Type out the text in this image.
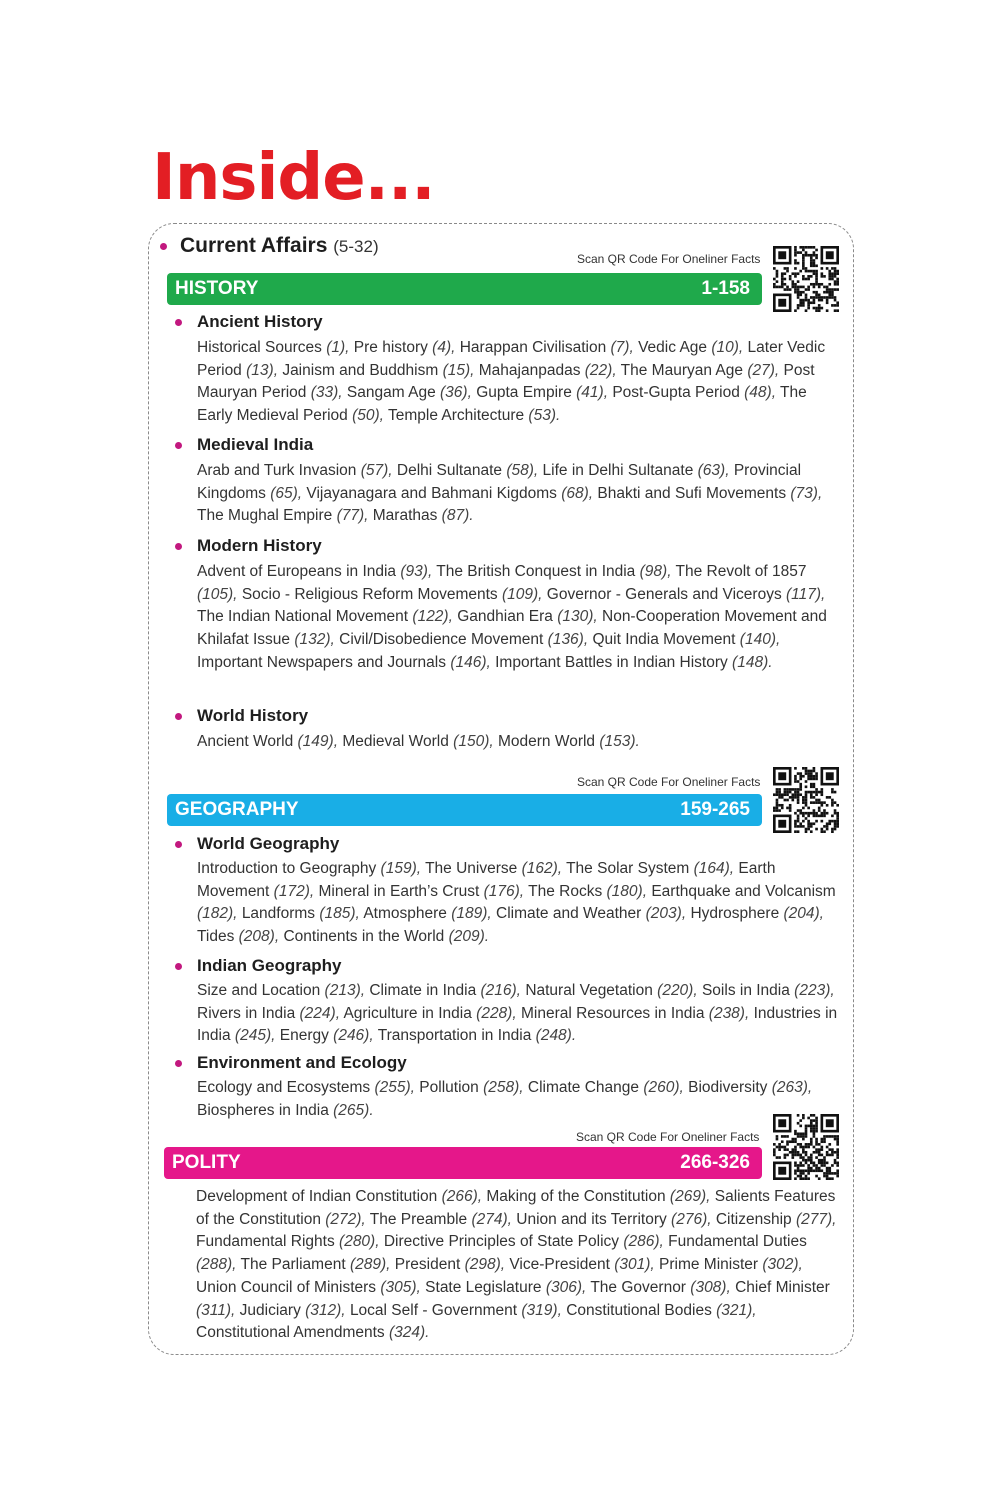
Inside...
Current Affairs (5-32)
Scan QR Code For Oneliner Facts
HISTORY	1-158
Ancient History
Historical Sources (1), Pre history (4), Harappan Civilisation (7), Vedic Age (10), Later Vedic Period (13), Jainism and Buddhism (15), Mahajanpadas (22), The Mauryan Age (27), Post Mauryan Period (33), Sangam Age (36), Gupta Empire (41), Post-Gupta Period (48), The Early Medieval Period (50), Temple Architecture (53).
Medieval India
Arab and Turk Invasion (57), Delhi Sultanate (58), Life in Delhi Sultanate (63), Provincial Kingdoms (65), Vijayanagara and Bahmani Kigdoms (68), Bhakti and Sufi Movements (73), The Mughal Empire (77), Marathas (87).
Modern History
Advent of Europeans in India (93), The British Conquest in India (98), The Revolt of 1857 (105), Socio - Religious Reform Movements (109), Governor - Generals and Viceroys (117), The Indian National Movement (122), Gandhian Era (130), Non-Cooperation Movement and Khilafat Issue (132), Civil/Disobedience Movement (136), Quit India Movement (140), Important Newspapers and Journals (146), Important Battles in Indian History (148).
World History
Ancient World (149), Medieval World (150), Modern World (153).
Scan QR Code For Oneliner Facts
GEOGRAPHY	159-265
World Geography
Introduction to Geography (159), The Universe (162), The Solar System (164), Earth Movement (172), Mineral in Earth’s Crust (176), The Rocks (180), Earthquake and Volcanism (182), Landforms (185), Atmosphere (189), Climate and Weather (203), Hydrosphere (204), Tides (208), Continents in the World (209).
Indian Geography
Size and Location (213), Climate in India (216), Natural Vegetation (220), Soils in India (223), Rivers in India (224), Agriculture in India (228), Mineral Resources in India (238), Industries in India (245), Energy (246), Transportation in India (248).
Environment and Ecology
Ecology and Ecosystems (255), Pollution (258), Climate Change (260), Biodiversity (263), Biospheres in India (265).
Scan QR Code For Oneliner Facts
POLITY	266-326
Development of Indian Constitution (266), Making of the Constitution (269), Salients Features of the Constitution (272), The Preamble (274), Union and its Territory (276), Citizenship (277), Fundamental Rights (280), Directive Principles of State Policy (286), Fundamental Duties (288), The Parliament (289), President (298), Vice-President (301), Prime Minister (302), Union Council of Ministers (305), State Legislature (306), The Governor (308), Chief Minister (311), Judiciary (312), Local Self - Government (319), Constitutional Bodies (321), Constitutional Amendments (324).
